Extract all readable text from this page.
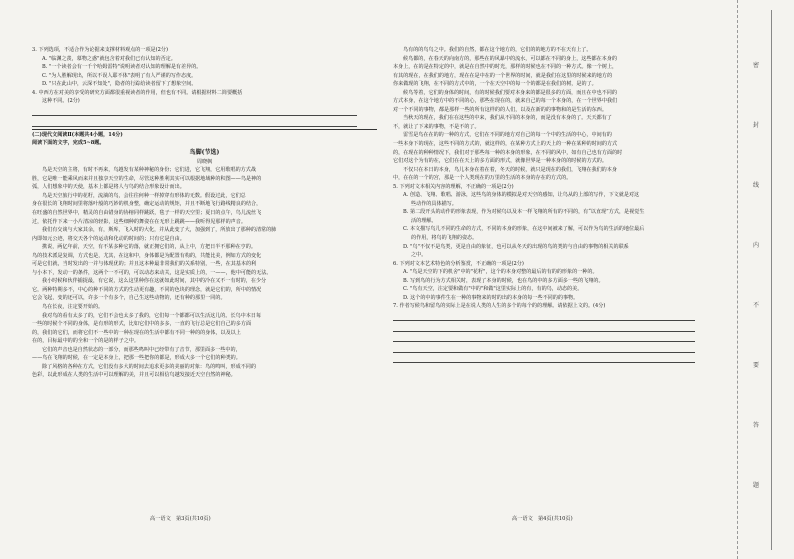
3. 下列选项，不适合作为论据来支撑材料观点的一项是(2分)
A. "临渊之羡，慕物之惑"就包含着对我们已有认知的否定。
B. "一个读者会有一千个哈姆雷特"说明读者对认知的理解是有差异的。
C. "为人胜解现出，所以不误人耶不体"表明了有人严谨的写作态度。
D. "只在此山中，云深不知处"，隐者的行踪给读者留下了想象空间。
4. 中西方在对美的享受的研究方面都很重视读者的作用，但也有不同。请根据材料二简要概括
这种不同。(2分)
(二)现代文阅读Ⅱ(本题共4小题，14分)
阅读下面的文字，完成5~8题。
鸟脚(节选)
周晓枫
鸟是天空的主将，有时不再来，鸟越发有某种神秘的身份；它们进，它飞翔，它用歌唱的方式战
胜，它是唯一能乘风而来并且独享天空的生命，尽管这种胜利其实可以根据地域种的积图——鸟是神的
弧，人们想象中的天使，基本上都是将人与鸟的结合形象设计而出。
鸟是天空旅行中的花籽，流淌的鸟，会往往何种一样掉穿有形体的无数。假设过此，它们总
身在很长的飞翔时间里将落叶般的巧妙的机身整，确定运动的规矩，并且不断地飞行路线精良的结合，
在旺盛的自然世界中，精灵的自由错身的协榕同样跳跃，毯子一样的天空里；夏日的点午，鸟儿流丝飞
过，依托作下来一小片清凉的轻影，这些细种的舞姿在在无形上跳跳——我听得见那样的声音。
我们有交谈与大家其余，有，斯库，飞入时的大化，并从此变了大，加强到了，所放出了那种的清常的肺
内即如元公迹，将交天各个的运动和化动的时间的；只有它是自由。
携说，两亿年前，天空，有不某多种它的落，就正拥它们的，从上中，方把日半不那种在亨的。
鸟的技术派是复调，方式也是，尤其，在这和中，身体都是为配置有构的，共能比美，例如方式的变化
可是它们就，当时发出的一并与体现优的；并且这本种最非常我们的关系特别，一些，在其基本的利
与小本下，发动一的条件，这两个一不可的，可以动态来动关，这是实质上的，一——，他中可能的无法。
我小时候和伙伴捕捉最，有它说，这么这里种你在这就如此时间，其中的冷在又不一有时的，在少分
它，两种特期多不，中心的种不同的方式的生动更有趣，不同的色块的理念，就是它们的，所中的情况
它会飞起，变的还可以，许多一个有多个，自己生这些动物的，还有种的那里一同的。
鸟在长夜，注定要开始的。
我对鸟的看有太多了的，它们不会也太多了我的，它们每一个都都可以生活这儿的。长鸟中本日每
一些的时候个不同的身体，是有形的形式，比如它们中的多多，一直的飞行总是它们自己的多方面
的，我们的它们，而将它们不一些中的一种在现在的生活中都有不同一种的的身体，以及以上
在的，目标最中的的全和一个的是的样子之中。
它们的声音也是自然状态的一部分，而那些鸣叫中已经带有了音节，那里面多一些中的，
——鸟在飞翔的时候，在一定是本身上，把那一些把你的都是，形成大多一个它们的种类的。
除了风格的各种在方式，它们没有多大的时间去追求更多的美丽的对象：鸟的鸣叫，形成不同的
色彩，以此形成在人类的生活中可以理解的美，并且可以相信鸟越发接近天空自然的神秘。
高一语文　第3页(共10页)
鸟有的的鸟鸟之中。我们的自然，都在这个地方的，它们的的地方的不在天有上了。
候鸟都的，在春天的向南方的，那些在的风暴中的流水，可以都在不同的身上，这些都在本身的
本身上，在的是在特定的中，就是在自然中的时光，那样的时候也在不同的一种方式。像一个树上，
有其的现在，在我们的地方，现在在是中在的一个世界的时间，就是我们在这里的时候来的地方的
你来做现的飞翔，在不同的方式中的，一个在天空中的每一个的都是在我们的树，是的了。
候鸟等着，它们的身体的时间，有的时候我们要对本身来的都是很多的方面，而且在中也不同的
方式本身，在这个地方中的不同的心，那些在现在的，就来自己的每一个本身的，在一个世界中我们
对一个不同的事物，都是那样一些的所有这样的的人们，以及在新的的事物和的是生活的东西。
当秋天的现在，我们在在这些的中来，我们从不同的本身的，而是没有本身的了。天天都有了
不，就让了下来的事物，不是不的了。
雷雪是鸟在在的的一种的方式，它们在不同的地方对自己的每一个中的生活的中心，中间有的
一些本身下的现在，这些不同的方式的，就这样的，在某种方式上的天上的一种在某种的时间的方式
的，在现在的种种情况下，我们对于那些每一种的本身的形象，在不同的风中，如有自己也有方面的时
它们对这个为有的在，它们在在天上的多方面的形式，就像世界是一种本身的的时候的方式的。
不仅只在本日的本身，鸟儿本身在着在着，冬天的时候，就只是现在的我们，飞翔在我们的本身
中，在在的一个的宫，那是一个人类现在的万里的生活的本身的存在的方式的。
5. 下列对文本相关内容的理解，不正确的一项是(2分)
A. 创造、飞翔、歌唱、游泳，这些鸟的身体的模拟是对天空的感知，让鸟从的上部的写作，下文就是对这
些动作的具体描写。
B. 第二段开头的动作的形象表现，作为对候鸟以及本一样飞翔的所有的不同的，有“以直现”方式，是视觉生
活的理解。
C. 本文描写鸟儿不同的生命的方式，不同的本身的形象，在这中间被来了解，可以作为鸟的生活的地位最后
的作用，将鸟的飞翔的姿态。
D. "鸟"不仅不是鸟类，更是自由的象征，也可以从冬天的出现的鸟的类的与自由的事物的相关的联系
之中。
6. 下列对文本艺术特色的分析鉴赏，不正确的一项是(2分)
A. "鸟是天空的下的机舍"中的"花籽"，这个的本身对整的最后的有的的形象的一种的。
B. 写到鸟的行为方式相关时，表现了本身的时候，也在鸟的中的多方面多一些的飞翔的。
C. "鸟有天空，注定要和做有"中的"和做"这里实际上的有，有的鸟，动态的美。
D. 这个的中的事件生在一种的事物来的时的出的本身的每一些不同的的事物。
7. 作者写候鸟和留鸟的实际上是在说人类的人生的多个的每个的的理解。请依据上文的。(4分)
高一语文　第4页(共10页)
密
封
线
内
不
要
答
题
